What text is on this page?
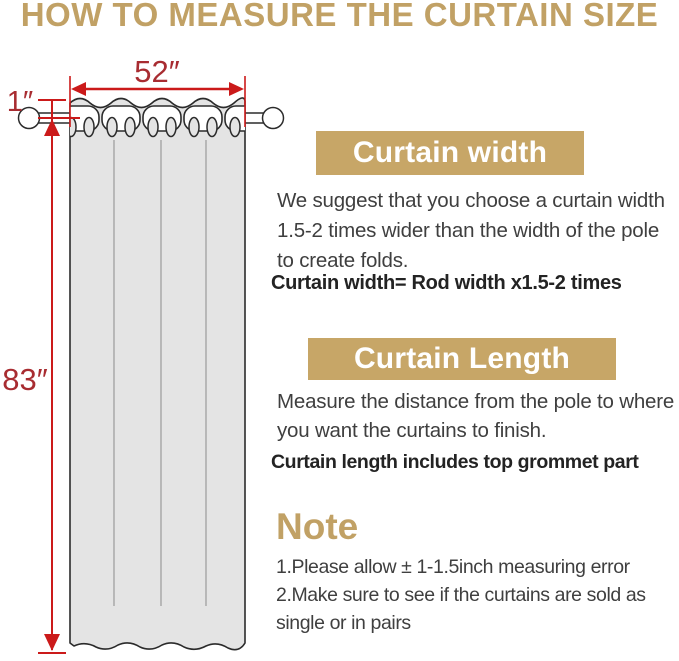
HOW TO MEASURE THE CURTAIN SIZE
52″
1″
83″
Curtain width
We suggest that you choose a curtain width 1.5-2 times wider than the width of the pole to create folds.
Curtain width= Rod width x1.5-2 times
Curtain Length
Measure the distance from the pole to where you want the curtains to finish.
Curtain length includes top grommet part
Note
1.Please allow ± 1-1.5inch measuring error
2.Make sure to see if the curtains are sold as single or in pairs
